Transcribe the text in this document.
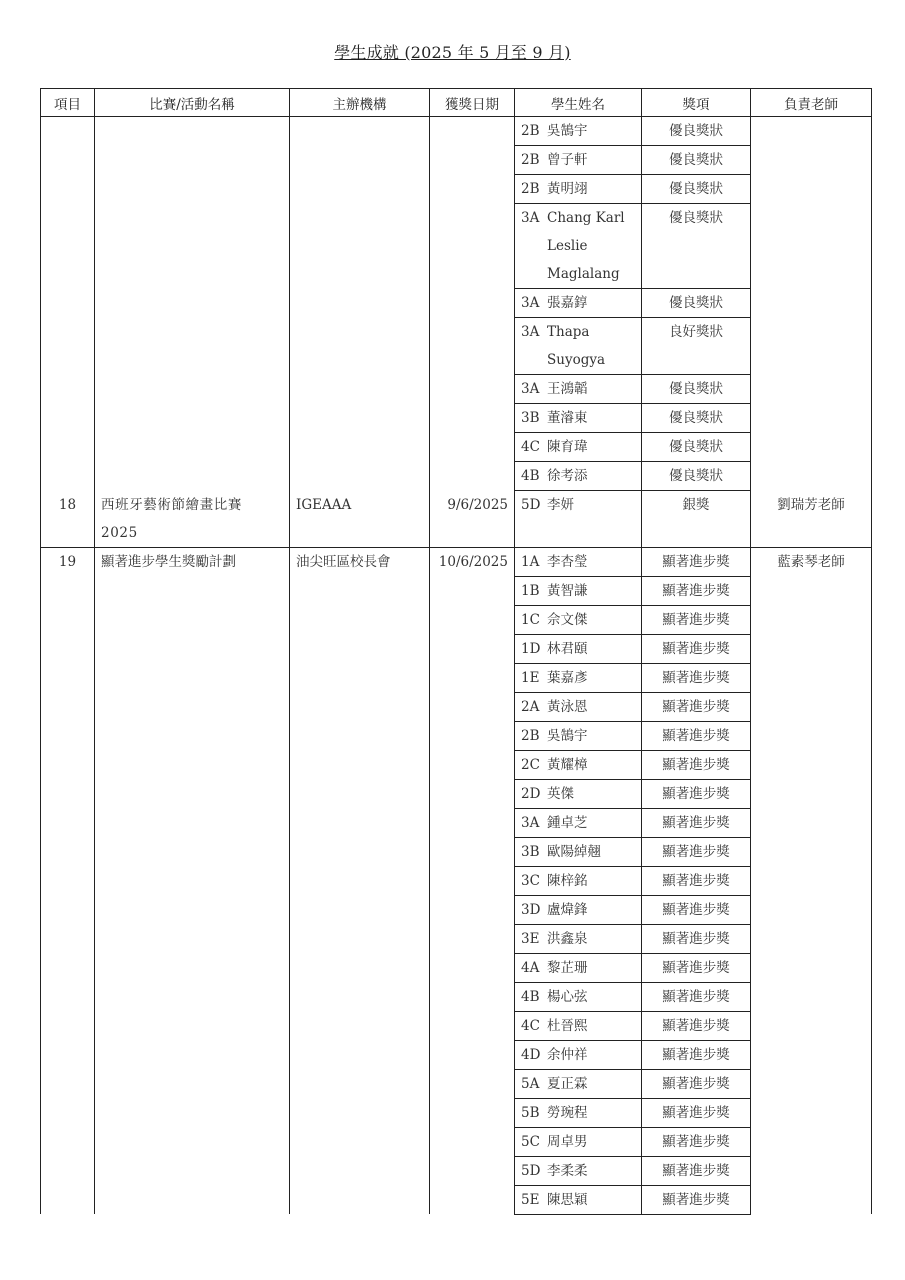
學生成就 (2025 年 5 月至 9 月)
項目	比賽/活動名稱	主辦機構	獲獎日期	學生姓名	獎項	負責老師
				2B 吳鵠宇	優良獎狀	
				2B 曾子軒	優良獎狀	
				2B 黃明翊	優良獎狀	
				3A Chang Karl
Leslie
Maglalang	優良獎狀	
				3A 張嘉錞	優良獎狀	
				3A Thapa
Suyogya	良好獎狀	
				3A 王鴻韜	優良獎狀	
				3B 董濬東	優良獎狀	
				4C 陳育瑋	優良獎狀	
				4B 徐考添	優良獎狀	
18	西班牙藝術節繪畫比賽 2025	IGEAAA	9/6/2025	5D 李妍	銀獎	劉瑞芳老師
19	顯著進步學生獎勵計劃	油尖旺區校長會	10/6/2025	1A 李杏瑩	顯著進步獎	藍素琴老師
				1B 黃智謙	顯著進步獎	
				1C 佘文傑	顯著進步獎	
				1D 林君頤	顯著進步獎	
				1E 葉嘉彥	顯著進步獎	
				2A 黃泳恩	顯著進步獎	
				2B 吳鵠宇	顯著進步獎	
				2C 黃耀樟	顯著進步獎	
				2D 英傑	顯著進步獎	
				3A 鍾卓芝	顯著進步獎	
				3B 歐陽綽翹	顯著進步獎	
				3C 陳梓銘	顯著進步獎	
				3D 盧煒鋒	顯著進步獎	
				3E 洪鑫泉	顯著進步獎	
				4A 黎芷珊	顯著進步獎	
				4B 楊心弦	顯著進步獎	
				4C 杜晉熙	顯著進步獎	
				4D 余仲祥	顯著進步獎	
				5A 夏正霖	顯著進步獎	
				5B 勞琬程	顯著進步獎	
				5C 周卓男	顯著進步獎	
				5D 李柔柔	顯著進步獎	
				5E 陳思穎	顯著進步獎	
